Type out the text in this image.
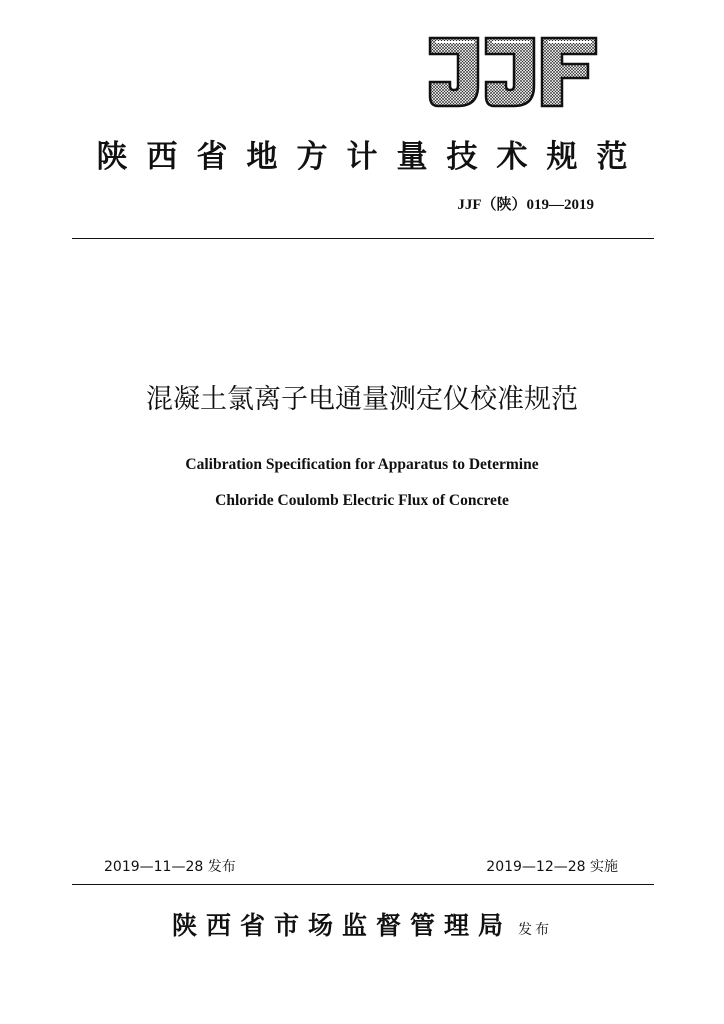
陕西省地方计量技术规范
JJF（陕）019—2019
混凝土氯离子电通量测定仪校准规范
Calibration Specification for Apparatus to Determine
Chloride Coulomb Electric Flux of Concrete
2019—11—28 发布	2019—12—28 实施
陕西省市场监督管理局 发布
